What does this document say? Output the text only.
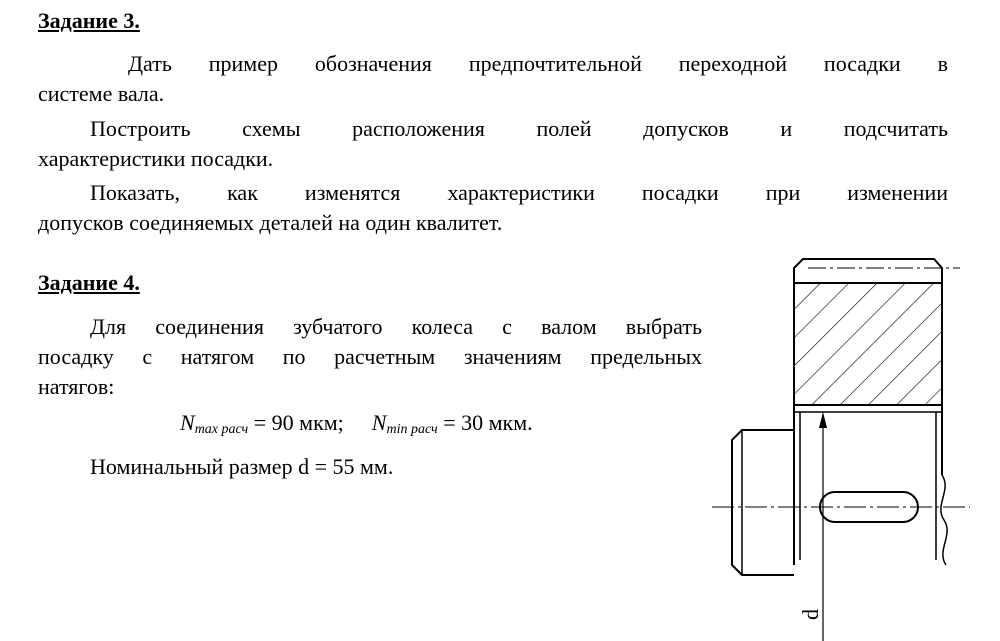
Задание 3.
Дать пример обозначения предпочтительной переходной посадки в
системе вала.
Построить схемы расположения полей допусков и подсчитать
характеристики посадки.
Показать, как изменятся характеристики посадки при изменении
допусков соединяемых деталей на один квалитет.
Задание 4.
Для соединения зубчатого колеса с валом выбрать
посадку с натягом по расчетным значениям предельных
натягов:
$N_{max расч} = 90$ мкм; $N_{min расч} = 30$ мкм.
Номинальный размер d = 55 мм.
d
